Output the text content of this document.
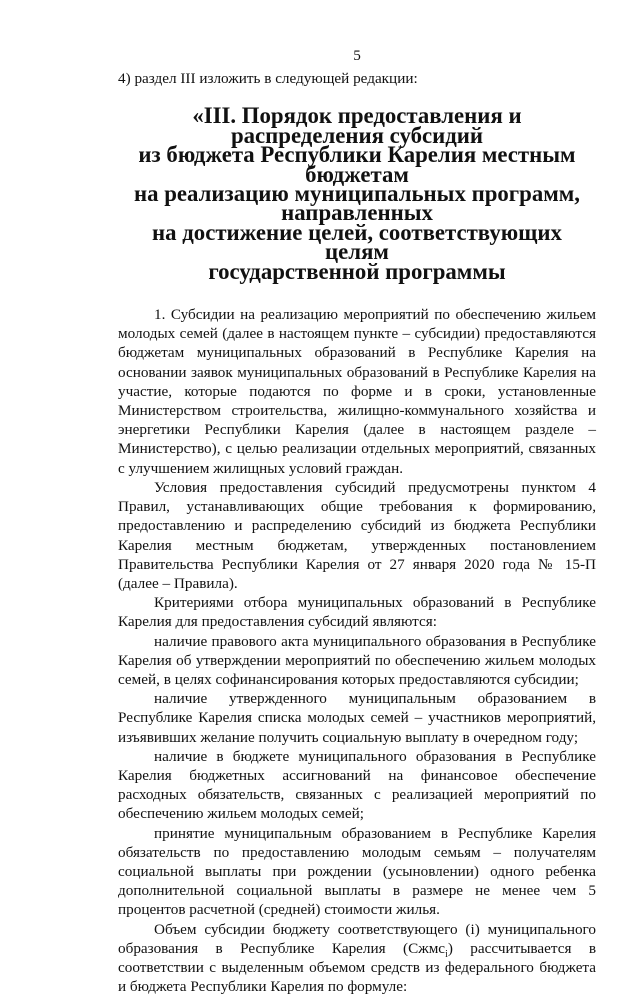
5

4) раздел III изложить в следующей редакции:

«III. Порядок предоставления и распределения субсидий
из бюджета Республики Карелия местным бюджетам
на реализацию муниципальных программ, направленных
на достижение целей, соответствующих целям
государственной программы

1. Субсидии на реализацию мероприятий по обеспечению жильем молодых семей (далее в настоящем пункте – субсидии) предоставляются бюджетам муниципальных образований в Республике Карелия на основании заявок муниципальных образований в Республике Карелия на участие, которые подаются по форме и в сроки, установленные Министерством строительства, жилищно-коммунального хозяйства и энергетики Республики Карелия (далее в настоящем разделе – Министерство), с целью реализации отдельных мероприятий, связанных с улучшением жилищных условий граждан.

Условия предоставления субсидий предусмотрены пунктом 4 Правил, устанавливающих общие требования к формированию, предоставлению и распределению субсидий из бюджета Республики Карелия местным бюджетам, утвержденных постановлением Правительства Республики Карелия от 27 января 2020 года № 15-П (далее – Правила).

Критериями отбора муниципальных образований в Республике Карелия для предоставления субсидий являются:

наличие правового акта муниципального образования в Республике Карелия об утверждении мероприятий по обеспечению жильем молодых семей, в целях софинансирования которых предоставляются субсидии;

наличие утвержденного муниципальным образованием в Республике Карелия списка молодых семей – участников мероприятий, изъявивших желание получить социальную выплату в очередном году;

наличие в бюджете муниципального образования в Республике Карелия бюджетных ассигнований на финансовое обеспечение расходных обязательств, связанных с реализацией мероприятий по обеспечению жильем молодых семей;

принятие муниципальным образованием в Республике Карелия обязательств по предоставлению молодым семьям – получателям социальной выплаты при рождении (усыновлении) одного ребенка дополнительной социальной выплаты в размере не менее чем 5 процентов расчетной (средней) стоимости жилья.

Объем субсидии бюджету соответствующего (i) муниципального образования в Республике Карелия (Сжмс$_i$) рассчитывается в соответствии с выделенным объемом средств из федерального бюджета и бюджета Республики Карелия по формуле:
